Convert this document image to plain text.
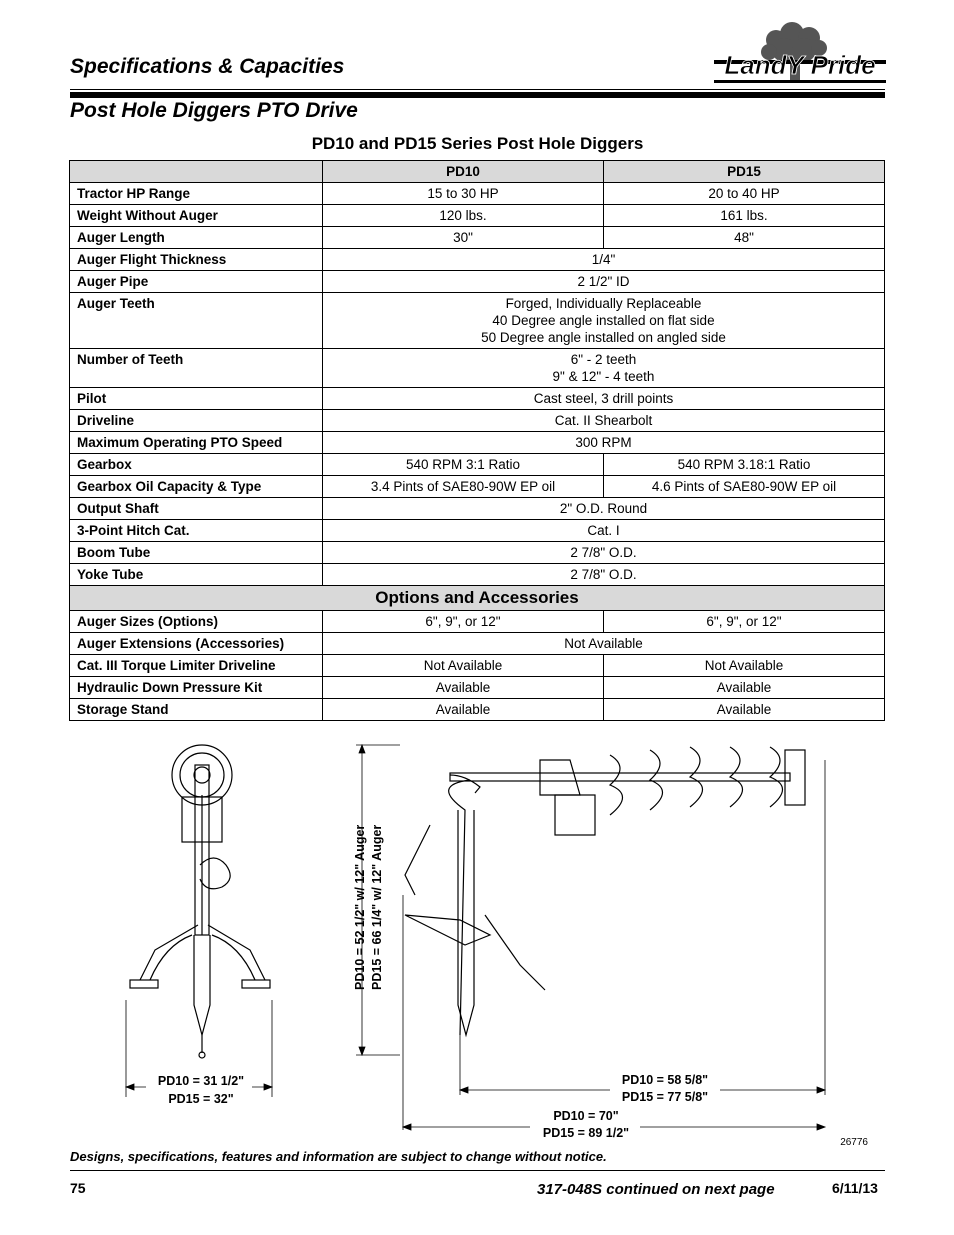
Specifications & Capacities	LandY Pride
Post Hole Diggers PTO Drive
PD10 and PD15 Series Post Hole Diggers
	PD10	PD15
Tractor HP Range	15 to 30 HP	20 to 40 HP
Weight Without Auger	120 lbs.	161 lbs.
Auger Length	30"	48"
Auger Flight Thickness	1/4"	

Auger Pipe	2 1/2" ID	

Auger Teeth	Forged, Individually Replaceable
40 Degree angle installed on flat side
50 Degree angle installed on angled side	

Number of Teeth	6" - 2 teeth
9" & 12" - 4 teeth	

Pilot	Cast steel, 3 drill points	

Driveline	Cat. II Shearbolt	

Maximum Operating PTO Speed	300 RPM	

Gearbox	540 RPM 3:1 Ratio	540 RPM 3.18:1 Ratio
Gearbox Oil Capacity & Type	3.4 Pints of SAE80-90W EP oil	4.6 Pints of SAE80-90W EP oil
Output Shaft	2" O.D. Round	

3-Point Hitch Cat.	Cat. I	

Boom Tube	2 7/8" O.D.	

Yoke Tube	2 7/8" O.D.	

Options and Accessories		
Auger Sizes (Options)	6", 9", or 12"	6", 9", or 12"
Auger Extensions (Accessories)	Not Available	

Cat. III Torque Limiter Driveline	Not Available	Not Available
Hydraulic Down Pressure Kit	Available	Available
Storage Stand	Available	Available
PD10 = 31 1/2"
PD15 = 32"
PD10 = 52 1/2" w/ 12" Auger PD15 = 66 1/4" w/ 12" Auger
PD10 = 58 5/8"
PD15 = 77 5/8"
PD10 = 70"
PD15 = 89 1/2"
26776
Designs, specifications, features and information are subject to change without notice.
75	317-048S continued on next page	6/11/13
